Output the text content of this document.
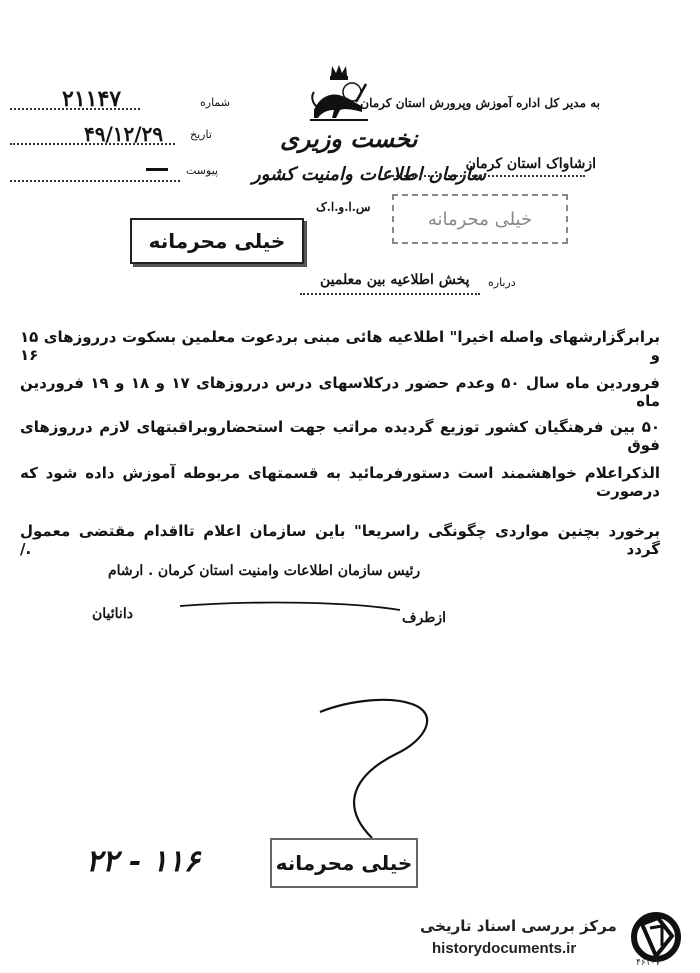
به مدیر کل اداره آموزش وپرورش استان کرمان
۲۱۱۴۷	شماره
۴۹/۱۲/۲۹ تاریخ
پیوست
نخست وزیری
سازمان اطلاعات وامنیت کشور
س.ا.و.ا.ک
ازشاواک استان کرمان
خیلی محرمانه
خیلی محرمانه
درباره
پخش اطلاعیه بین معلمین
برابرگزارشهای واصله اخیرا" اطلاعیه هائی مبنی بردعوت معلمین بسکوت درروزهای ۱۵ و ۱۶
فروردین ماه سال ۵۰ وعدم حضور درکلاسهای درس درروزهای ۱۷ و ۱۸ و ۱۹ فروردین ماه
۵۰ بین فرهنگیان کشور توزیع گردیده مراتب جهت استحضاروبراقبتهای لازم درروزهای فوق
الذکراعلام خواهشمند است دستورفرمائید به قسمتهای مربوطه آموزش داده شود که درصورت
برخورد بچنین مواردی چگونگی راسریعا" باین سازمان اعلام تااقدام مقتضی معمول گردد ./
رئیس سازمان اطلاعات وامنیت استان کرمان . ارشام
ازطرف
دانائیان
۲۲ - ۱۱۶	خیلی محرمانه
مرکز بررسی اسناد تاریخی
historydocuments.ir
۴۶۱۰۷
